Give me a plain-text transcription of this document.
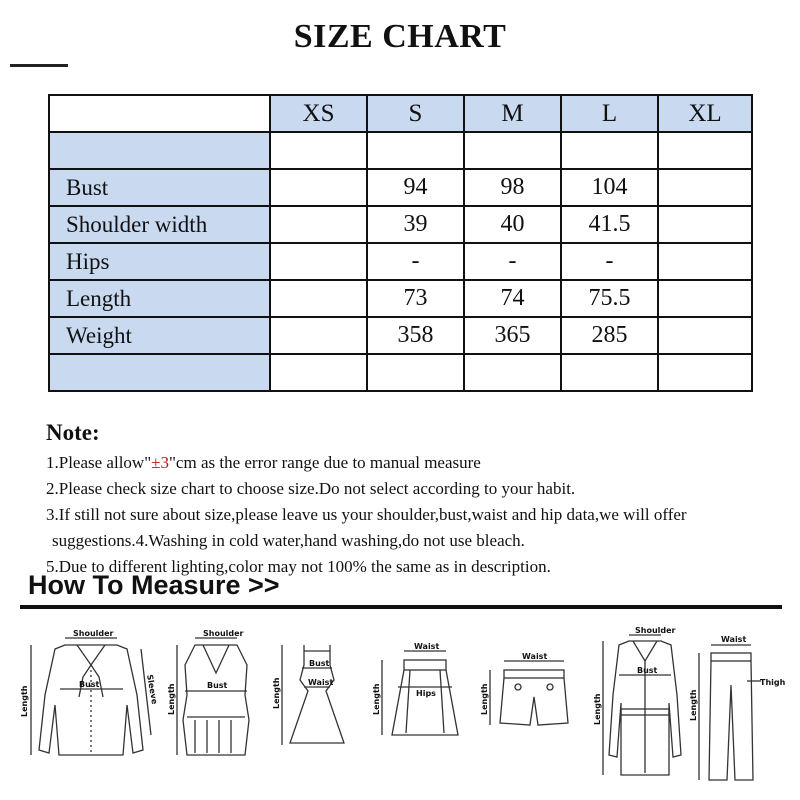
SIZE CHART
	XS	S	M	L	XL

Bust		94	98	104	
Shoulder width		39	40	41.5	
Hips		-	-	-	
Length		73	74	75.5	
Weight		358	365	285	

Note:
1.Please allow"±3"cm as the error range due to manual measure
2.Please check size chart to choose size.Do not select according to your habit.
3.If still not sure about size,please leave us your shoulder,bust,waist and hip data,we will offer
suggestions.4.Washing in cold water,hand washing,do not use bleach.
5.Due to different lighting,color may not 100% the same as in description.
How To Measure >>
Shoulder
Bust
Length	Sleeve
Shoulder
Bust
Length
Bust
Waist
Length
Waist
Hips
Length
Waist
Length
Shoulder
Bust
Length
Waist
Thigh
Length
